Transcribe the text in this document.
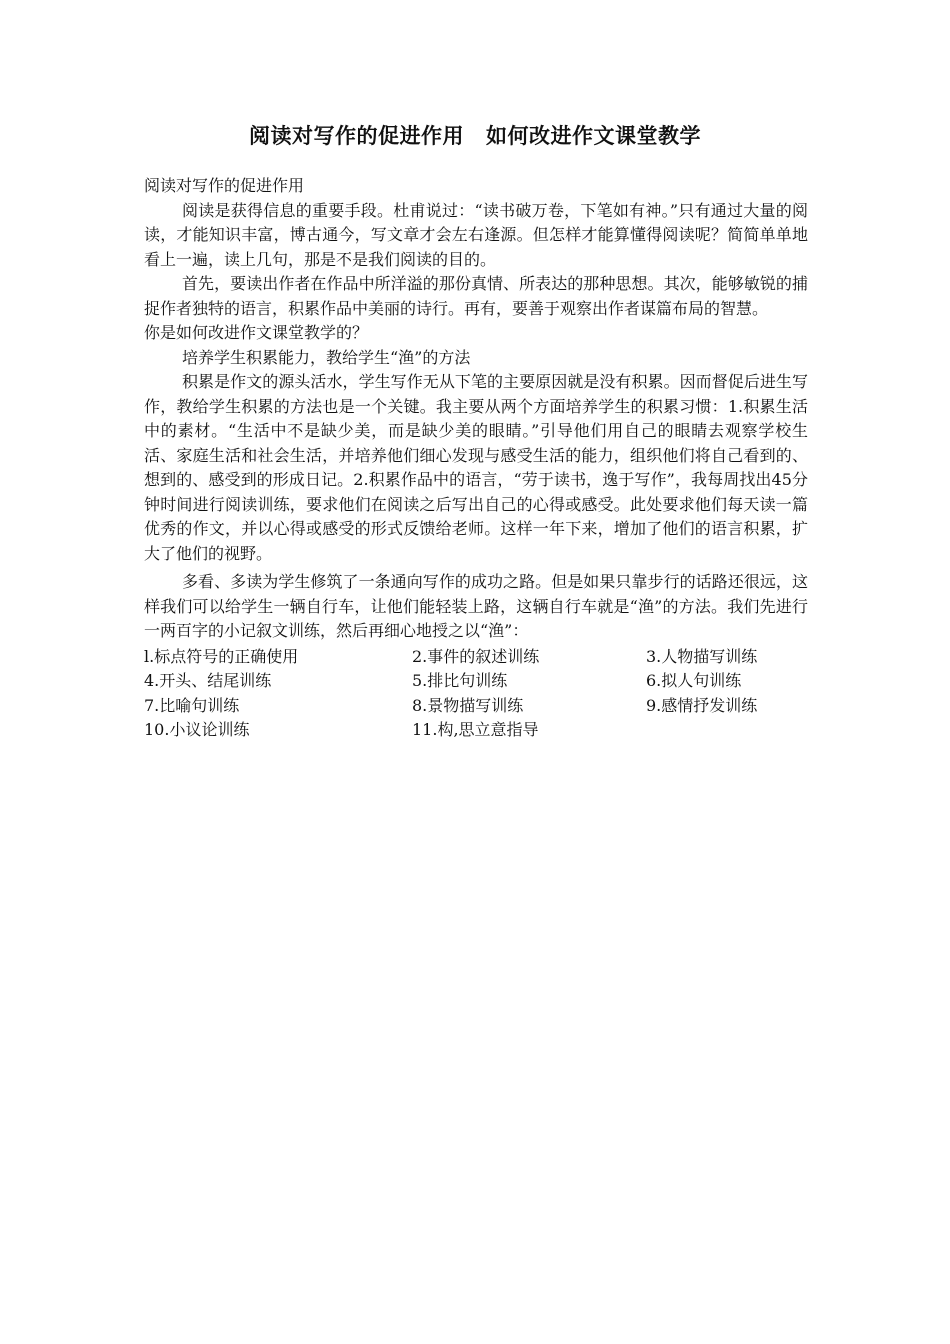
阅读对写作的促进作用 如何改进作文课堂教学

阅读对写作的促进作用

阅读是获得信息的重要手段。杜甫说过：“读书破万卷，下笔如有神。”只有通过大量的阅读，才能知识丰富，博古通今，写文章才会左右逢源。但怎样才能算懂得阅读呢？简简单单地看上一遍，读上几句，那是不是我们阅读的目的。

首先，要读出作者在作品中所洋溢的那份真情、所表达的那种思想。其次，能够敏锐的捕捉作者独特的语言，积累作品中美丽的诗行。再有，要善于观察出作者谋篇布局的智慧。

你是如何改进作文课堂教学的？

培养学生积累能力，教给学生“渔”的方法

积累是作文的源头活水，学生写作无从下笔的主要原因就是没有积累。因而督促后进生写作，教给学生积累的方法也是一个关键。我主要从两个方面培养学生的积累习惯：1.积累生活中的素材。“生活中不是缺少美，而是缺少美的眼睛。”引导他们用自己的眼睛去观察学校生活、家庭生活和社会生活，并培养他们细心发现与感受生活的能力，组织他们将自己看到的、想到的、感受到的形成日记。2.积累作品中的语言，“劳于读书，逸于写作”，我每周找出45分钟时间进行阅读训练，要求他们在阅读之后写出自己的心得或感受。此处要求他们每天读一篇优秀的作文，并以心得或感受的形式反馈给老师。这样一年下来，增加了他们的语言积累，扩大了他们的视野。

多看、多读为学生修筑了一条通向写作的成功之路。但是如果只靠步行的话路还很远，这样我们可以给学生一辆自行车，让他们能轻装上路，这辆自行车就是“渔”的方法。我们先进行一两百字的小记叙文训练，然后再细心地授之以“渔”：

l.标点符号的正确使用	2.事件的叙述训练	3.人物描写训练
4.开头、结尾训练	5.排比句训练	6.拟人句训练
7.比喻句训练	8.景物描写训练	9.感情抒发训练
10.小议论训练	11.构,思立意指导
